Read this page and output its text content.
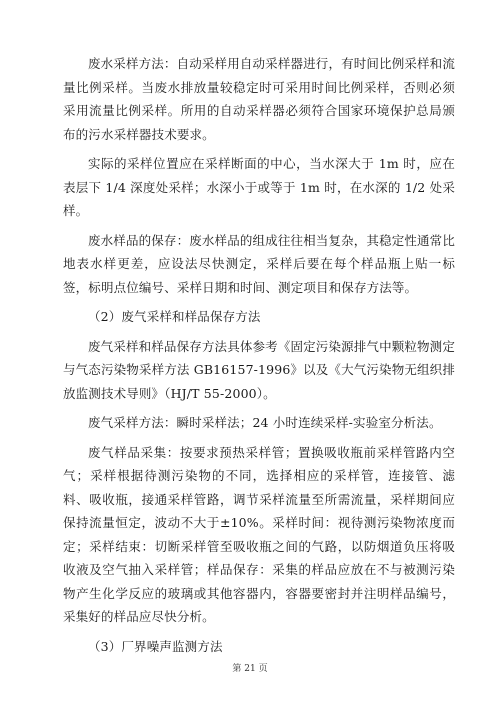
废水采样方法：自动采样用自动采样器进行，有时间比例采样和流量比例采样。当废水排放量较稳定时可采用时间比例采样，否则必须采用流量比例采样。所用的自动采样器必须符合国家环境保护总局颁布的污水采样器技术要求。

实际的采样位置应在采样断面的中心，当水深大于 1m 时，应在表层下 1/4 深度处采样；水深小于或等于 1m 时，在水深的 1/2 处采样。

废水样品的保存：废水样品的组成往往相当复杂，其稳定性通常比地表水样更差，应设法尽快测定，采样后要在每个样品瓶上贴一标签，标明点位编号、采样日期和时间、测定项目和保存方法等。

（2）废气采样和样品保存方法

废气采样和样品保存方法具体参考《固定污染源排气中颗粒物测定与气态污染物采样方法 GB16157-1996》以及《大气污染物无组织排放监测技术导则》（HJ/T 55-2000）。

废气采样方法：瞬时采样法；24 小时连续采样-实验室分析法。

废气样品采集：按要求预热采样管；置换吸收瓶前采样管路内空气；采样根据待测污染物的不同，选择相应的采样管，连接管、滤料、吸收瓶，接通采样管路，调节采样流量至所需流量，采样期间应保持流量恒定，波动不大于±10%。采样时间：视待测污染物浓度而定；采样结束：切断采样管至吸收瓶之间的气路，以防烟道负压将吸收液及空气抽入采样管；样品保存：采集的样品应放在不与被测污染物产生化学反应的玻璃或其他容器内，容器要密封并注明样品编号，采集好的样品应尽快分析。

（3）厂界噪声监测方法

第 21 页
